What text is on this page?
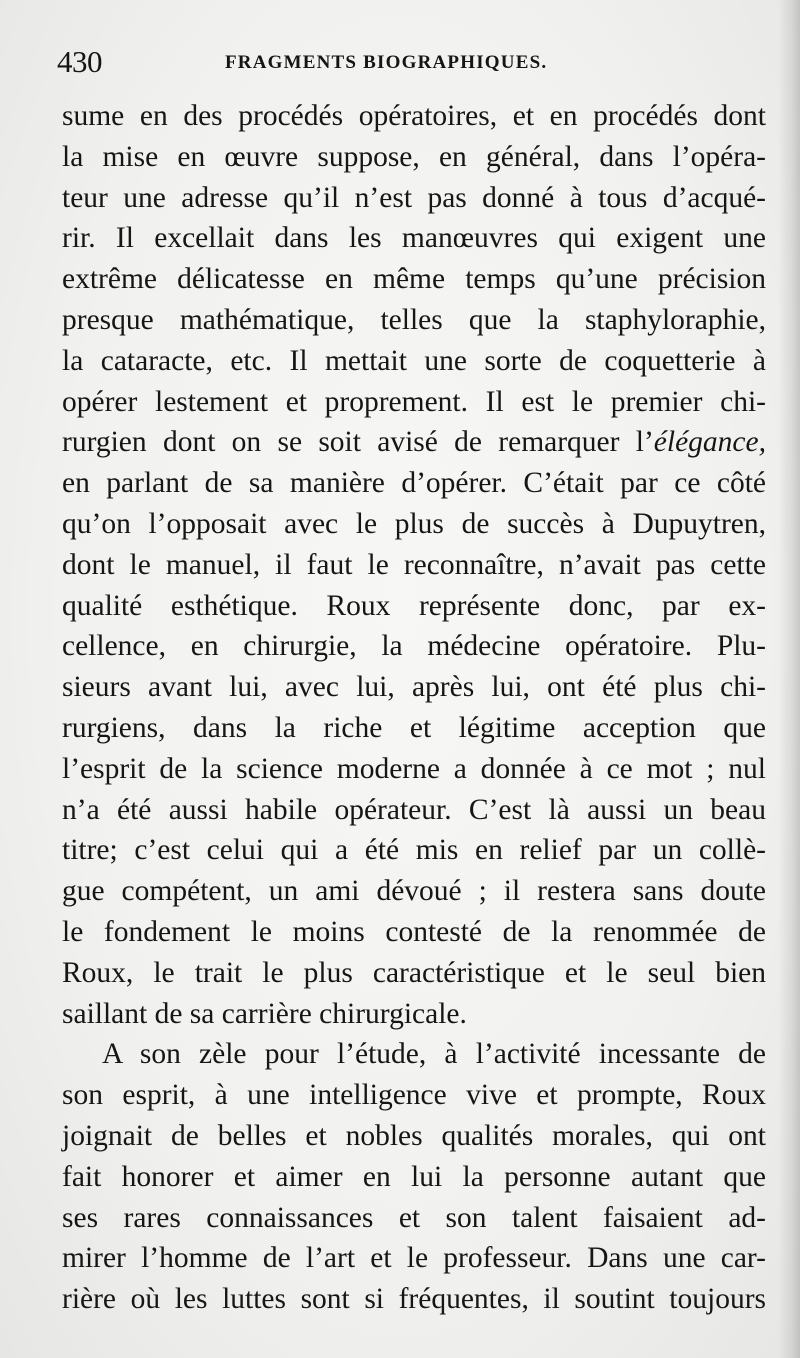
430	FRAGMENTS BIOGRAPHIQUES.
sume en des procédés opératoires, et en procédés dont
la mise en œuvre suppose, en général, dans l’opéra-
teur une adresse qu’il n’est pas donné à tous d’acqué-
rir. Il excellait dans les manœuvres qui exigent une
extrême délicatesse en même temps qu’une précision
presque mathématique, telles que la staphyloraphie,
la cataracte, etc. Il mettait une sorte de coquetterie à
opérer lestement et proprement. Il est le premier chi-
rurgien dont on se soit avisé de remarquer l’élégance,
en parlant de sa manière d’opérer. C’était par ce côté
qu’on l’opposait avec le plus de succès à Dupuytren,
dont le manuel, il faut le reconnaître, n’avait pas cette
qualité esthétique. Roux représente donc, par ex-
cellence, en chirurgie, la médecine opératoire. Plu-
sieurs avant lui, avec lui, après lui, ont été plus chi-
rurgiens, dans la riche et légitime acception que
l’esprit de la science moderne a donnée à ce mot ; nul
n’a été aussi habile opérateur. C’est là aussi un beau
titre; c’est celui qui a été mis en relief par un collè-
gue compétent, un ami dévoué ; il restera sans doute
le fondement le moins contesté de la renommée de
Roux, le trait le plus caractéristique et le seul bien
saillant de sa carrière chirurgicale.
A son zèle pour l’étude, à l’activité incessante de
son esprit, à une intelligence vive et prompte, Roux
joignait de belles et nobles qualités morales, qui ont
fait honorer et aimer en lui la personne autant que
ses rares connaissances et son talent faisaient ad-
mirer l’homme de l’art et le professeur. Dans une car-
rière où les luttes sont si fréquentes, il soutint toujours
